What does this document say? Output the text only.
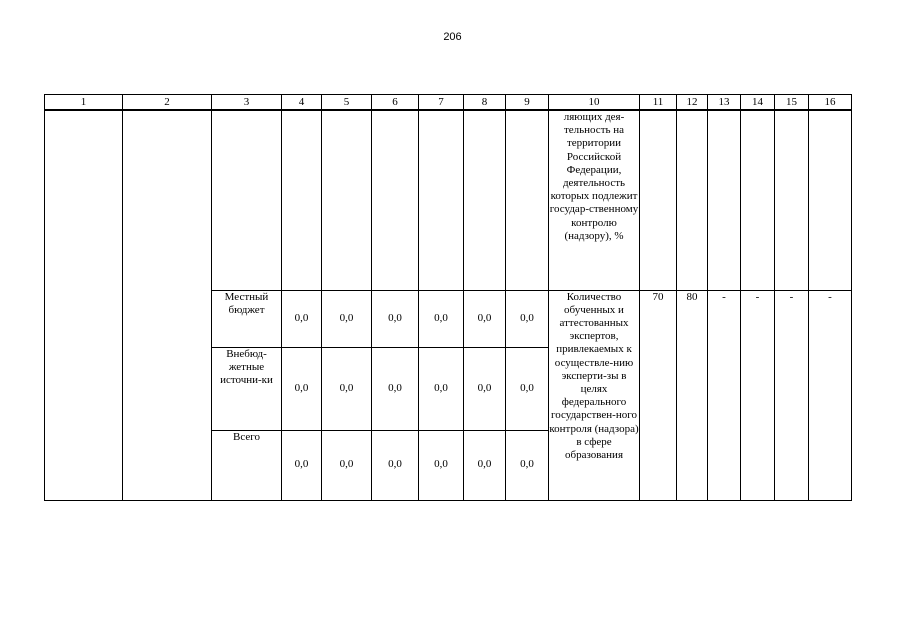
206
1	2	3	4	5	6	7	8	9	10	11	12	13	14	15	16
									ляющих дея-тельность на территории Российской Федерации, деятельность которых подлежит государ-ственному контролю (надзору), %						
		Местный бюджет	0,0	0,0	0,0	0,0	0,0	0,0	Количество обученных и аттестованных экспертов, привлекаемых к осуществле-нию эксперти-зы в целях федерального государствен-ного контроля (надзора) в сфере образования	70	80	-	-	-	-
		Внебюд-жетные источни-ки	0,0	0,0	0,0	0,0	0,0	0,0							
		Всего	0,0	0,0	0,0	0,0	0,0	0,0							
